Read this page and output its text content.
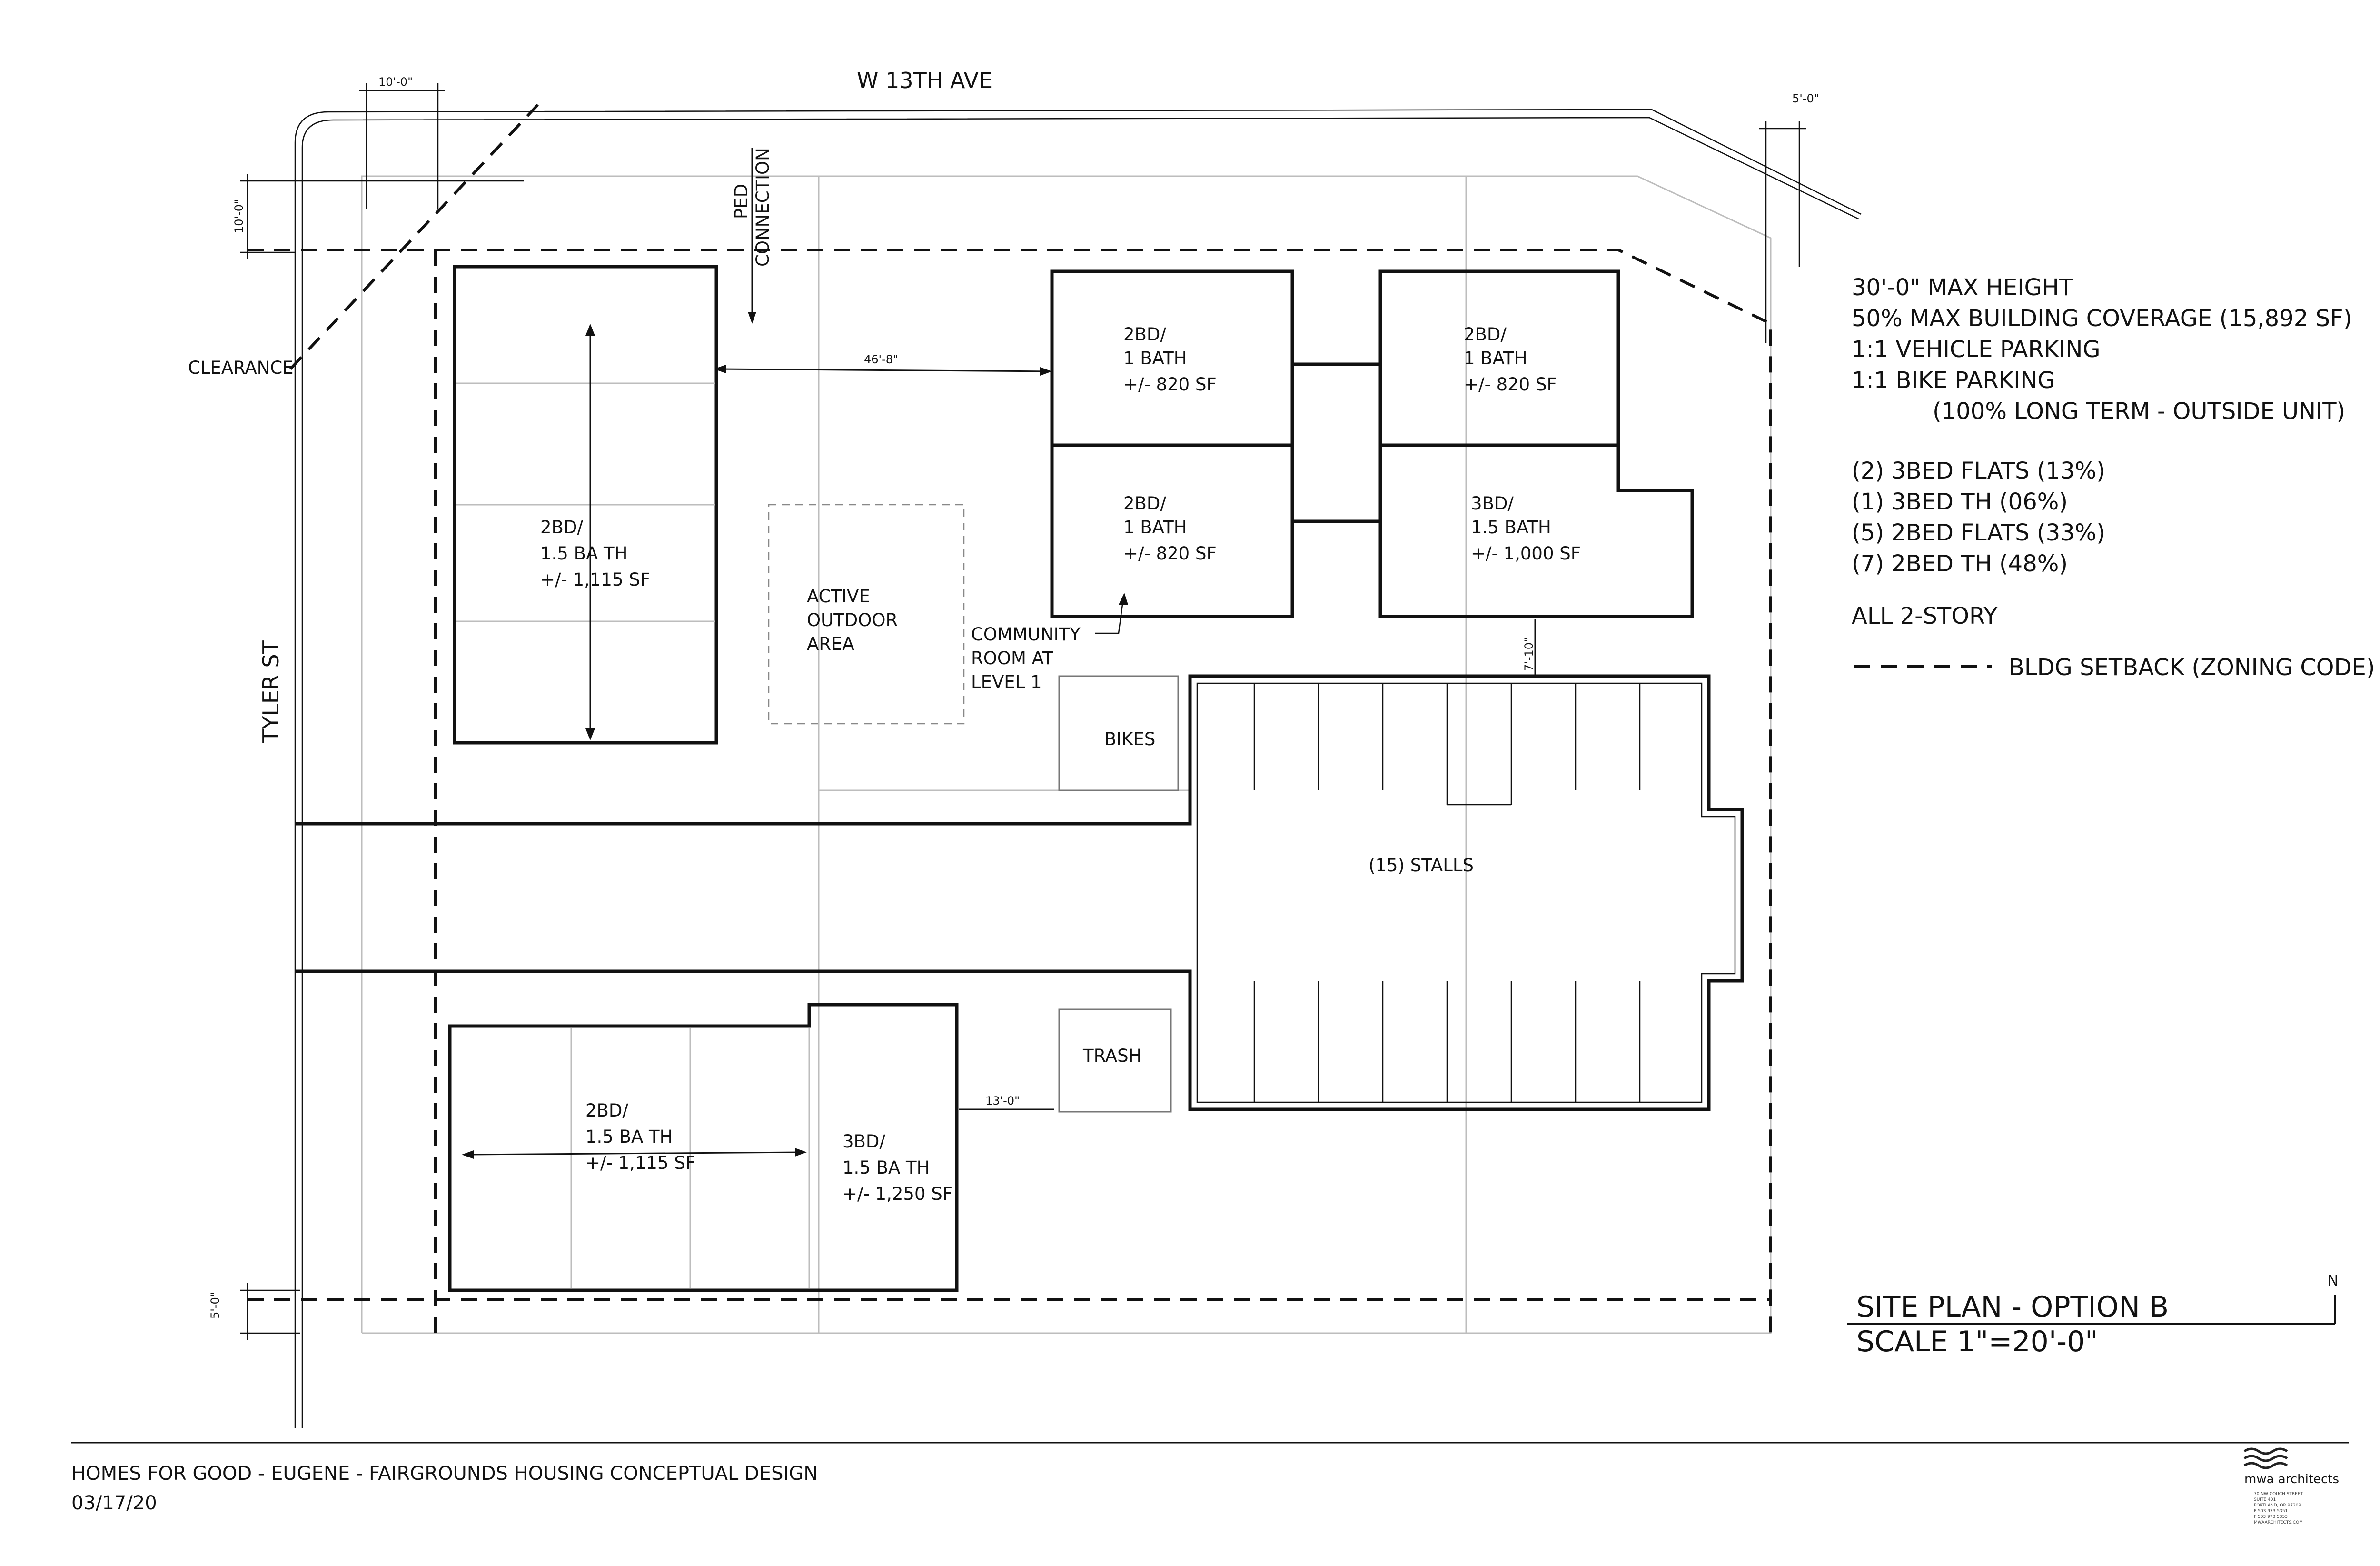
W 13TH AVE
TYLER ST
CLEARANCE
PED CONNECTION
46'-8"
10'-0"
10'-0"
5'-0"
5'-0"
7'-10"
13'-0"
2BD/
1.5 BA TH
+/- 1,115 SF
ACTIVE
OUTDOOR
AREA
2BD/
1 BATH
+/- 820 SF
2BD/
1 BATH
+/- 820 SF
2BD/
1 BATH
+/- 820 SF
3BD/
1.5 BATH
+/- 1,000 SF
COMMUNITY
ROOM AT
LEVEL 1
BIKES
TRASH
(15) STALLS
2BD/
1.5 BA TH
+/- 1,115 SF
3BD/
1.5 BA TH
+/- 1,250 SF
30'-0" MAX HEIGHT
50% MAX BUILDING COVERAGE (15,892 SF)
1:1 VEHICLE PARKING
1:1 BIKE PARKING
(100% LONG TERM - OUTSIDE UNIT)
(2) 3BED FLATS (13%)
(1) 3BED TH (06%)
(5) 2BED FLATS (33%)
(7) 2BED TH (48%)
ALL 2-STORY
BLDG SETBACK (ZONING CODE)
SITE PLAN - OPTION B
SCALE 1"=20'-0"
N
HOMES FOR GOOD - EUGENE - FAIRGROUNDS HOUSING CONCEPTUAL DESIGN
03/17/20
mwa architects
70 NW COUCH STREET
SUITE 401
PORTLAND, OR 97209
P 503 973 5351
F 503 973 5353
MWAARCHITECTS.COM
